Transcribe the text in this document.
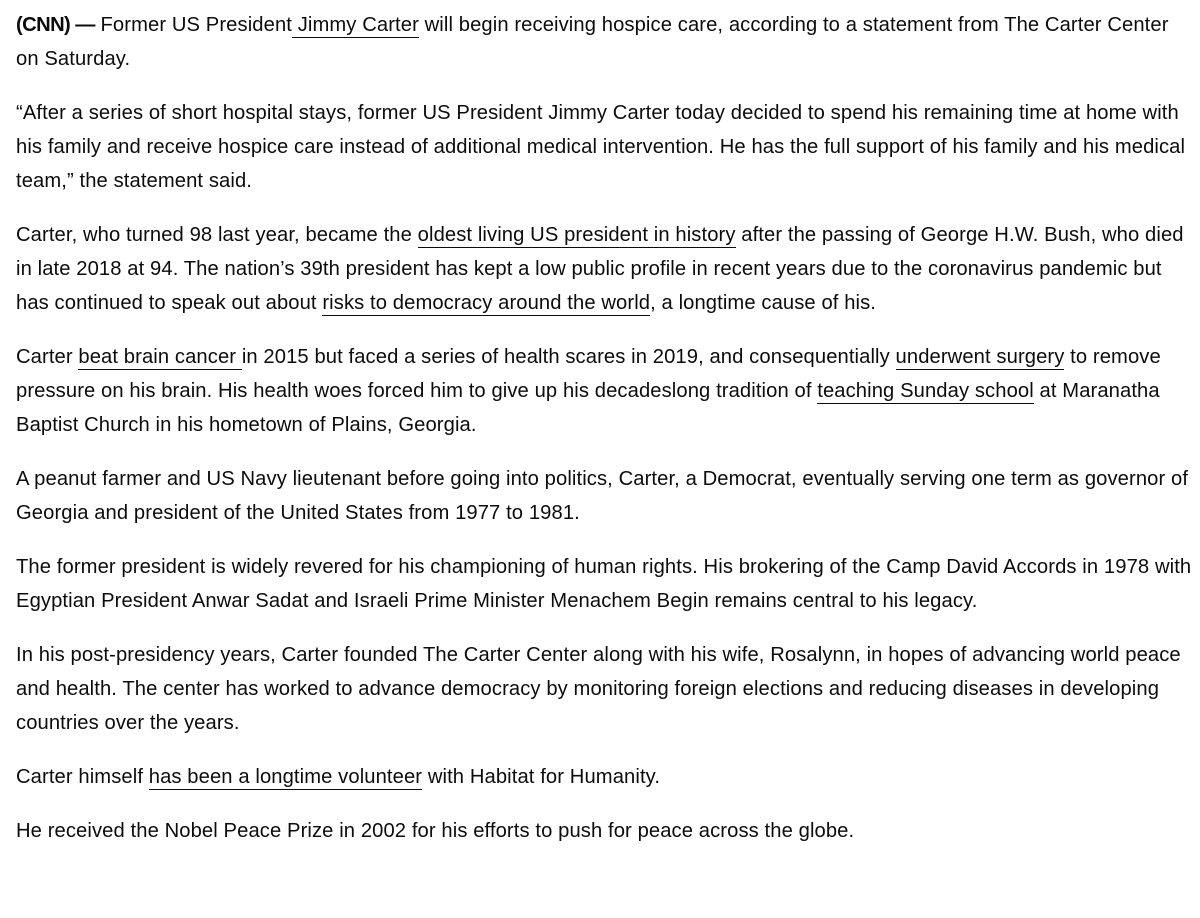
(CNN) — Former US President Jimmy Carter will begin receiving hospice care, according to a statement from The Carter Center on Saturday.

“After a series of short hospital stays, former US President Jimmy Carter today decided to spend his remaining time at home with his family and receive hospice care instead of additional medical intervention. He has the full support of his family and his medical team,” the statement said.

Carter, who turned 98 last year, became the oldest living US president in history after the passing of George H.W. Bush, who died in late 2018 at 94. The nation’s 39th president has kept a low public profile in recent years due to the coronavirus pandemic but has continued to speak out about risks to democracy around the world, a longtime cause of his.

Carter beat brain cancer in 2015 but faced a series of health scares in 2019, and consequentially underwent surgery to remove pressure on his brain. His health woes forced him to give up his decadeslong tradition of teaching Sunday school at Maranatha Baptist Church in his hometown of Plains, Georgia.

A peanut farmer and US Navy lieutenant before going into politics, Carter, a Democrat, eventually serving one term as governor of Georgia and president of the United States from 1977 to 1981.

The former president is widely revered for his championing of human rights. His brokering of the Camp David Accords in 1978 with Egyptian President Anwar Sadat and Israeli Prime Minister Menachem Begin remains central to his legacy.

In his post-presidency years, Carter founded The Carter Center along with his wife, Rosalynn, in hopes of advancing world peace and health. The center has worked to advance democracy by monitoring foreign elections and reducing diseases in developing countries over the years.

Carter himself has been a longtime volunteer with Habitat for Humanity.

He received the Nobel Peace Prize in 2002 for his efforts to push for peace across the globe.
